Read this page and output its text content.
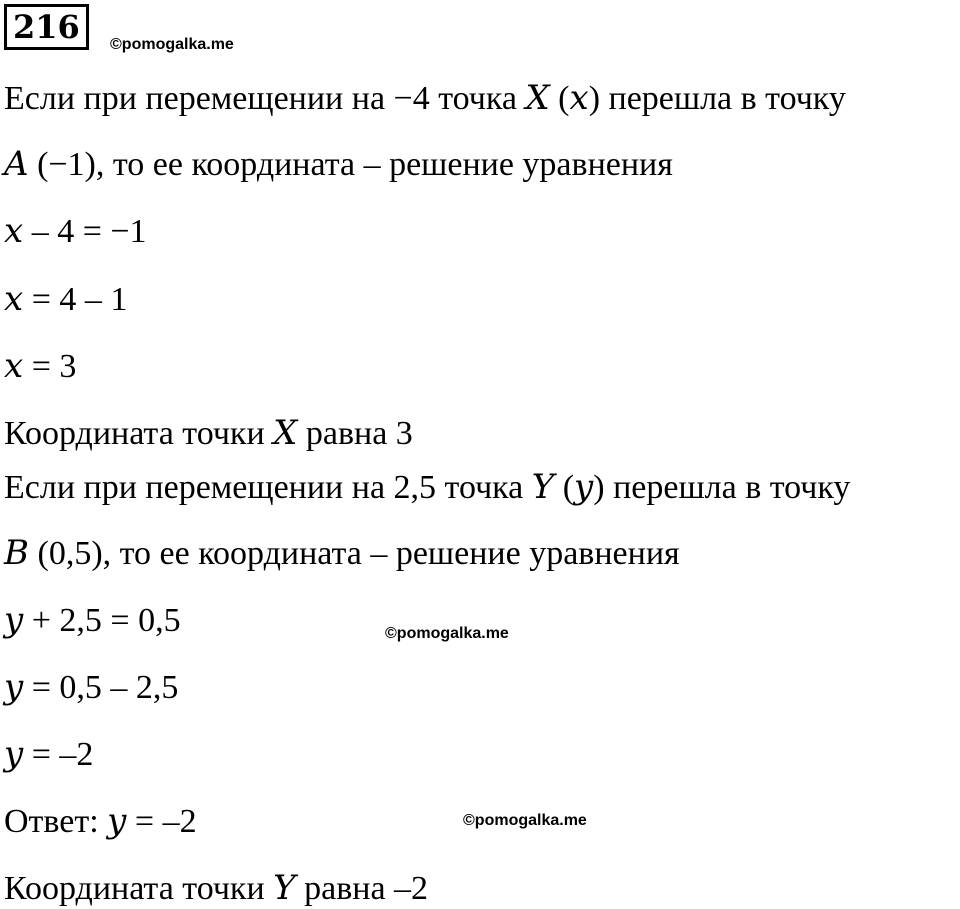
216	©pomogalka.me
©pomogalka.me
©pomogalka.me
Если при перемещении на −4 точка X (x) перешла в точку
A (−1), то ее координата – решение уравнения
x – 4 = −1
x = 4 – 1
x = 3
Координата точки X равна 3
Если при перемещении на 2,5 точка Y (y) перешла в точку
B (0,5), то ее координата – решение уравнения
y + 2,5 = 0,5
y = 0,5 – 2,5
y = –2
Ответ: y = –2
Координата точки Y равна –2
